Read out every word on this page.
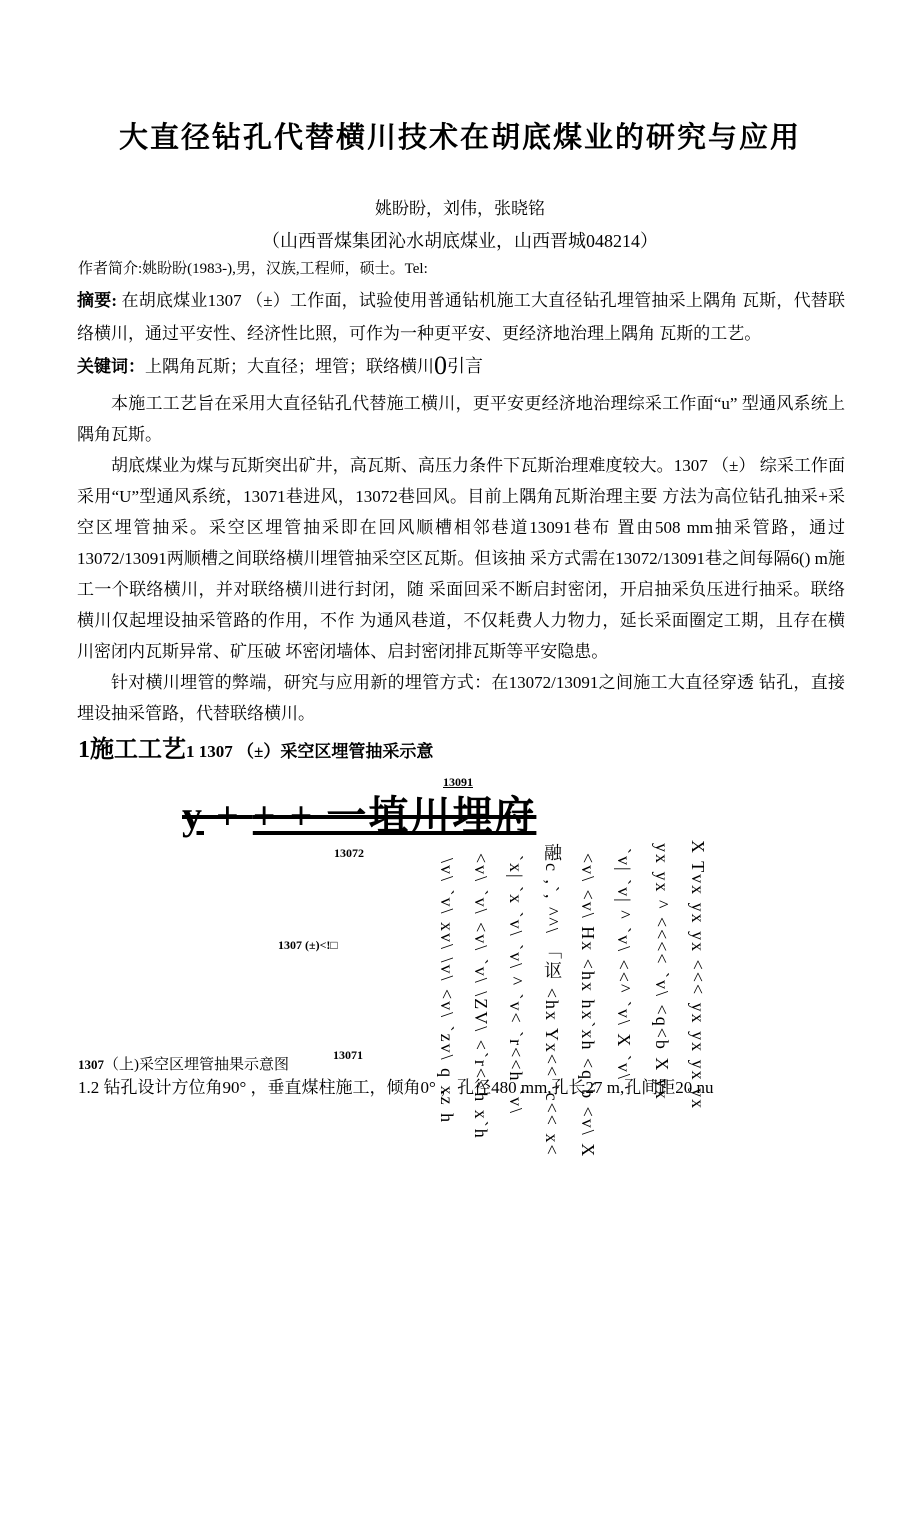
大直径钻孔代替横川技术在胡底煤业的研究与应用
姚盼盼，刘伟，张晓铭
（山西晋煤集团沁水胡底煤业，山西晋城048214）
作者简介:姚盼盼(1983-),男，汉族,工程师，硕士。Tel:
摘要: 在胡底煤业1307 （±）工作面，试验使用普通钻机施工大直径钻孔埋管抽采上隅角 瓦斯，代替联络横川，通过平安性、经济性比照，可作为一种更平安、更经济地治理上隅角 瓦斯的工艺。
关键词：上隅角瓦斯；大直径；埋管；联络横川0引言
本施工工艺旨在采用大直径钻孔代替施工横川，更平安更经济地治理综采工作面“u” 型通风系统上隅角瓦斯。
胡底煤业为煤与瓦斯突出矿井，高瓦斯、高压力条件下瓦斯治理难度较大。1307 （±） 综采工作面采用“U”型通风系统，13071巷进风，13072巷回风。目前上隅角瓦斯治理主要 方法为高位钻孔抽采+采空区埋管抽采。采空区埋管抽采即在回风顺槽相邻巷道13091巷布 置由508 mm抽采管路，通过13072/13091两顺槽之间联络横川埋管抽采空区瓦斯。但该抽 采方式需在13072/13091巷之间每隔6() m施工一个联络横川，并对联络横川进行封闭，随 采面回采不断启封密闭，开启抽采负压进行抽采。联络横川仅起埋设抽采管路的作用，不作 为通风巷道，不仅耗费人力物力，延长采面圈定工期，且存在横川密闭内瓦斯异常、矿压破 坏密闭墙体、启封密闭排瓦斯等平安隐患。
针对横川埋管的弊端，研究与应用新的埋管方式：在13072/13091之间施工大直径穿透 钻孔，直接埋设抽采管路，代替联络横川。
1施工工艺1 1307 （±）采空区埋管抽采示意
13091
y + + + 一埴川埋府
13072
1307 (±)<!□	\v\ `v\ xv\ \v\ <v\ `zv\ q xz h <v\ `v\ <v\ `v\ \ZV\ <`r<<h x`h `x| `x `v\ `v\ ^ `v< `r<<h `v\ 融c ,`, ^^\ 「讴 <hx Yx<< `c<< x< <v\ <v\ Hx <hx hx`xh <q`b <v\ X `v| `v| ^ `v\ <<^ `v\ X `v\ yx yx ^ <<<< `v\ <q<b X yx X Tvx yx yx <<< yx yx yx yx
1307（上)采空区埋管抽果示意图
13071
1.2 钻孔设计方位角90° ，垂直煤柱施工，倾角0° ，孔径480 mm,孔长27 m,孔间距20 nu
